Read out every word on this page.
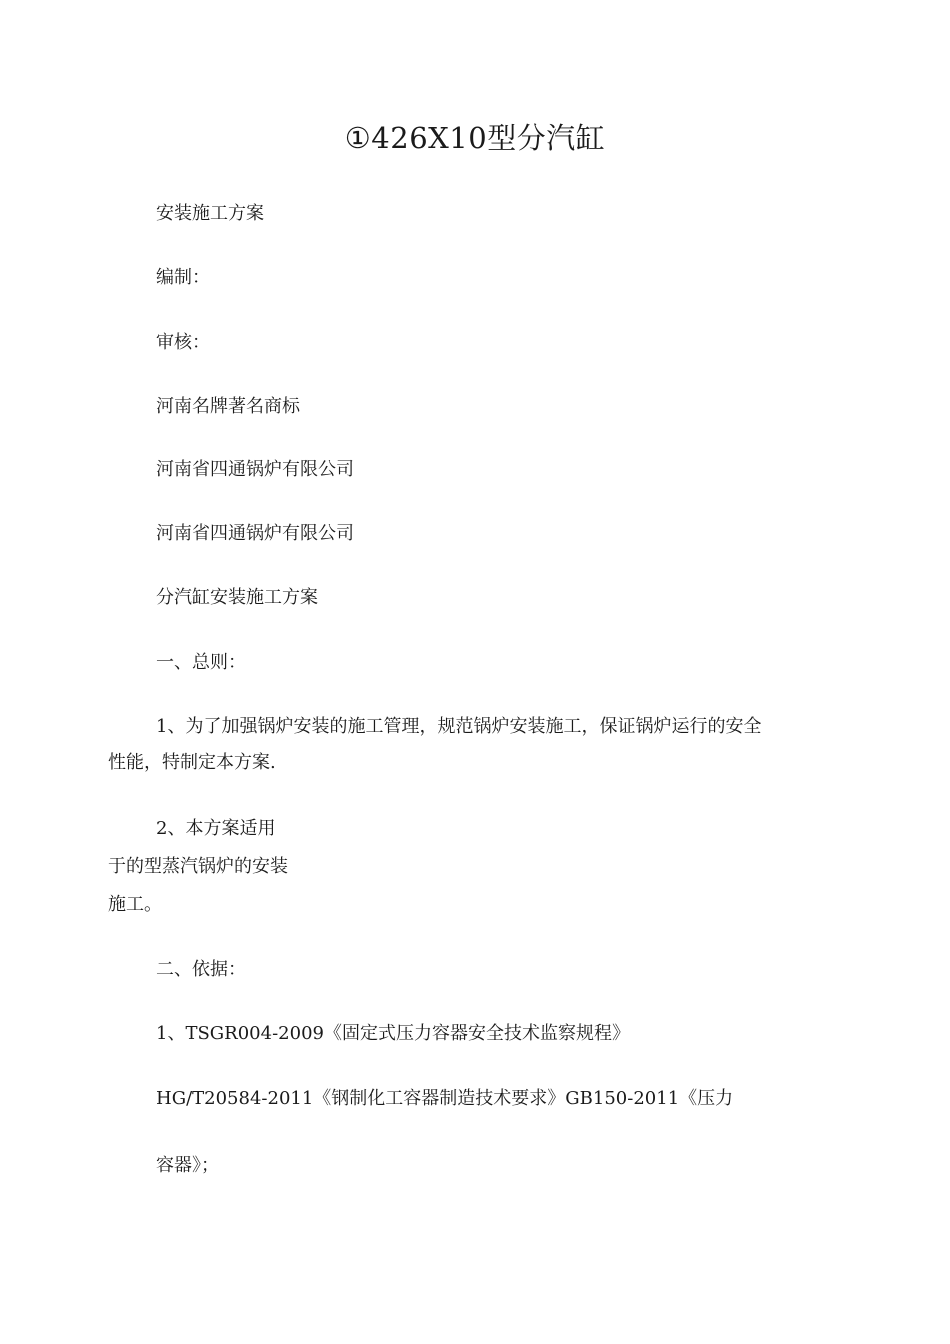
①426X10型分汽缸
安装施工方案
编制：
审核：
河南名牌著名商标
河南省四通锅炉有限公司
河南省四通锅炉有限公司
分汽缸安装施工方案
一、总则：
1、为了加强锅炉安装的施工管理，规范锅炉安装施工，保证锅炉运行的安全
性能，特制定本方案.
2、本方案适用
于的型蒸汽锅炉的安装
施工。
二、依据：
1、TSGR004-2009《固定式压力容器安全技术监察规程》
HG/T20584-2011《钢制化工容器制造技术要求》GB150-2011《压力
容器》；
